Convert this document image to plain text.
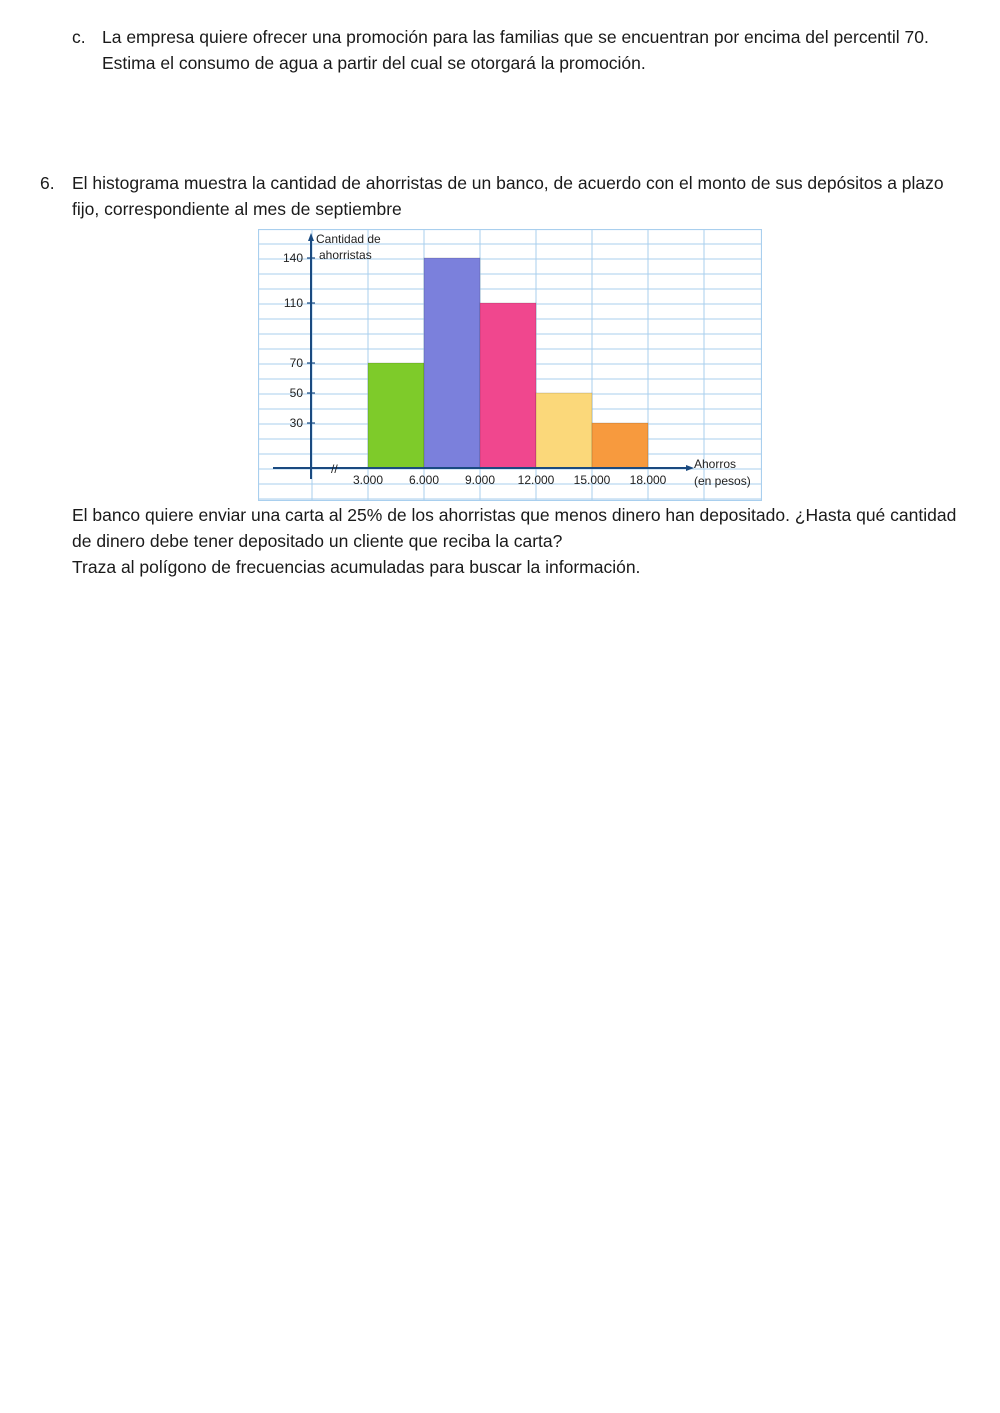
c. La empresa quiere ofrecer una promoción para las familias que se encuentran por encima del percentil 70. Estima el consumo de agua a partir del cual se otorgará la promoción.

6. El histograma muestra la cantidad de ahorristas de un banco, de acuerdo con el monto de sus depósitos a plazo fijo, correspondiente al mes de septiembre

Cantidad de
ahorristas
Ahorros
(en pesos)
//
30
50
70
110
140
3.000 6.000 9.000 12.000 15.000 18.000

El banco quiere enviar una carta al 25% de los ahorristas que menos dinero han depositado. ¿Hasta qué cantidad de dinero debe tener depositado un cliente que reciba la carta?

Traza al polígono de frecuencias acumuladas para buscar la información.
